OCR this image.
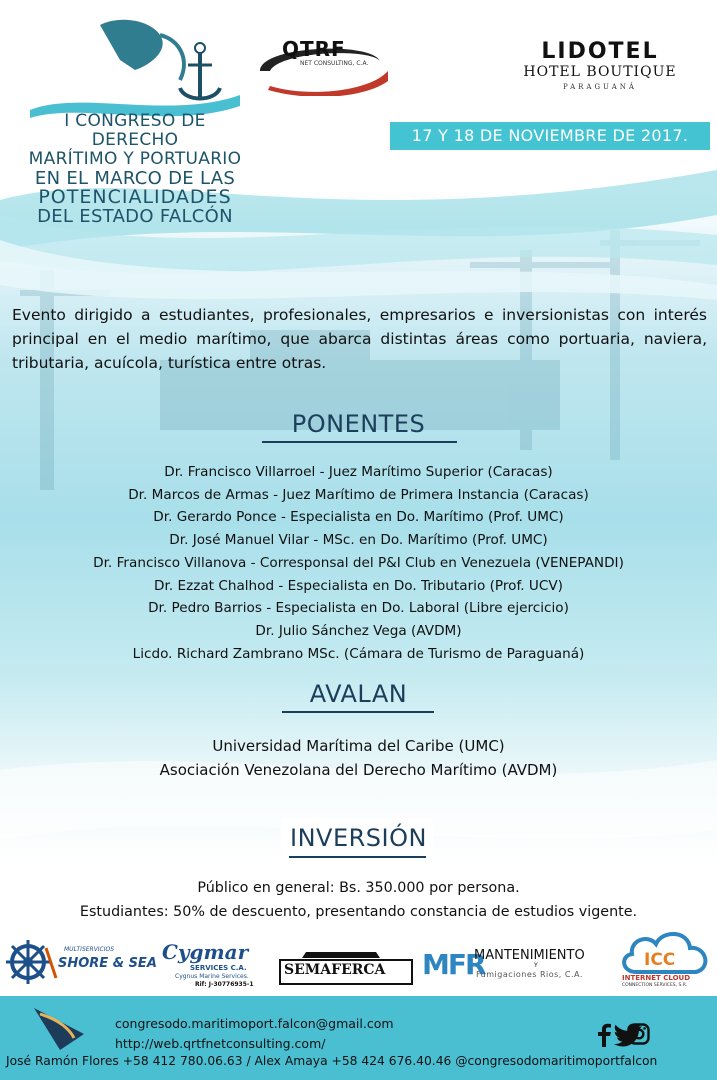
I CONGRESO DE DERECHO
MARÍTIMO Y PORTUARIO
EN EL MARCO DE LAS
POTENCIALIDADES
DEL ESTADO FALCÓN
QTRF
NET CONSULTING, C.A.	LIDOTEL
HOTEL BOUTIQUE
PARAGUANÁ
17 Y 18 DE NOVIEMBRE DE 2017.
Evento dirigido a estudiantes, profesionales, empresarios e inversionistas con interés principal en el medio marítimo, que abarca distintas áreas como portuaria, naviera, tributaria, acuícola, turística entre otras.
PONENTES
Dr. Francisco Villarroel - Juez Marítimo Superior (Caracas)
Dr. Marcos de Armas - Juez Marítimo de Primera Instancia (Caracas)
Dr. Gerardo Ponce - Especialista en Do. Marítimo (Prof. UMC)
Dr. José Manuel Vilar - MSc. en Do. Marítimo (Prof. UMC)
Dr. Francisco Villanova - Corresponsal del P&I Club en Venezuela (VENEPANDI)
Dr. Ezzat Chalhod - Especialista en Do. Tributario (Prof. UCV)
Dr. Pedro Barrios - Especialista en Do. Laboral (Libre ejercicio)
Dr. Julio Sánchez Vega (AVDM)
Licdo. Richard Zambrano MSc. (Cámara de Turismo de Paraguaná)
AVALAN
Universidad Marítima del Caribe (UMC)
Asociación Venezolana del Derecho Marítimo (AVDM)
INVERSIÓN
Público en general: Bs. 350.000 por persona.
Estudiantes: 50% de descuento, presentando constancia de estudios vigente.
MULTISERVICIOS
SHORE & SEA Cygmar
SERVICES C.A.
Cygnus Marine Services.
Rif: J-30776935-1
SEMAFERCA MFR
MANTENIMIENTO
Y
Fumigaciones Rios, C.A.
ICC
INTERNET CLOUD
CONNECTION SERVICES, S.R.
congresodo.maritimoport.falcon@gmail.com
http://web.qrtfnetconsulting.com/
José Ramón Flores +58 412 780.06.63 / Alex Amaya +58 424 676.40.46 @congresodomaritimoportfalcon
